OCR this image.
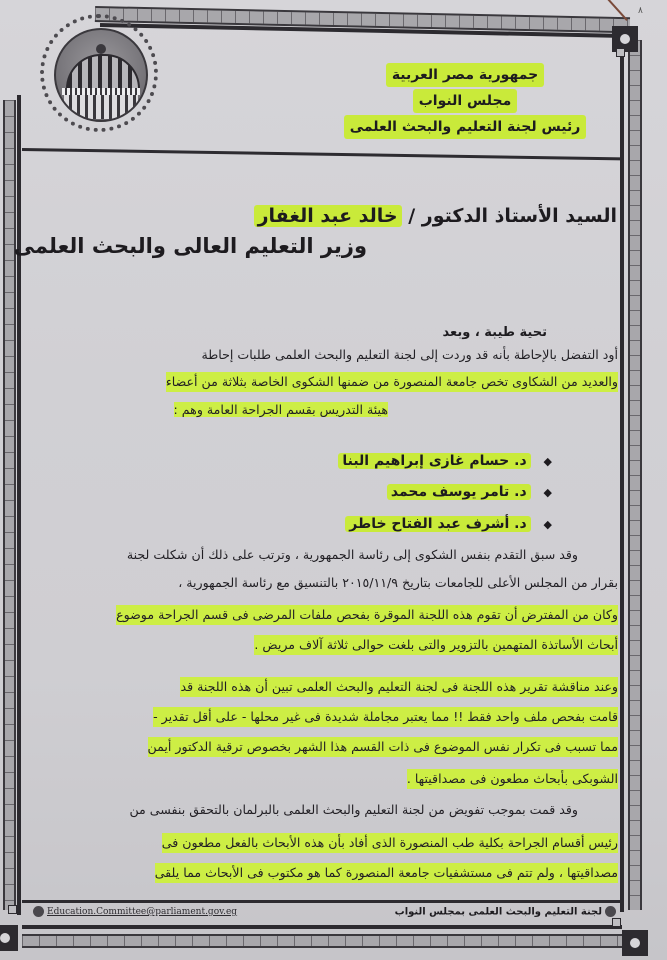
٨
جمهورية مصر العربية
مجلس النواب
رئيس لجنة التعليم والبحث العلمى
السيد الأستاذ الدكتور / خالد عبد الغفار
وزير التعليم العالى والبحث العلمى
تحية طيبة ، وبعد
أود التفضل بالإحاطة بأنه قد وردت إلى لجنة التعليم والبحث العلمى طلبات إحاطة
والعديد من الشكاوى تخص جامعة المنصورة من ضمنها الشكوى الخاصة بثلاثة من أعضاء
هيئة التدريس بقسم الجراحة العامة وهم :
◆ د. حسام غازى إبراهيم البنا
◆ د. تامر يوسف محمد
◆ د. أشرف عبد الفتاح خاطر
وقد سبق التقدم بنفس الشكوى إلى رئاسة الجمهورية ، وترتب على ذلك أن شكلت لجنة
بقرار من المجلس الأعلى للجامعات بتاريخ ٢٠١٥/١١/٩ بالتنسيق مع رئاسة الجمهورية ،
وكان من المفترض أن تقوم هذه اللجنة الموقرة بفحص ملفات المرضى فى قسم الجراحة موضوع
أبحاث الأساتذة المتهمين بالتزوير والتى بلغت حوالى ثلاثة آلاف مريض .
وعند مناقشة تقرير هذه اللجنة فى لجنة التعليم والبحث العلمى تبين أن هذه اللجنة قد
قامت بفحص ملف واحد فقط !! مما يعتبر مجاملة شديدة فى غير محلها - على أقل تقدير -
مما تسبب فى تكرار نفس الموضوع فى ذات القسم هذا الشهر بخصوص ترقية الدكتور أيمن
الشوبكى بأبحاث مطعون فى مصداقيتها .
وقد قمت بموجب تفويض من لجنة التعليم والبحث العلمى بالبرلمان بالتحقق بنفسى من
رئيس أقسام الجراحة بكلية طب المنصورة الذى أفاد بأن هذه الأبحاث بالفعل مطعون فى
مصداقيتها ، ولم تتم فى مستشفيات جامعة المنصورة كما هو مكتوب فى الأبحاث مما يلقى
Education.Committee@parliament.gov.eg	لجنة التعليم والبحث العلمى بمجلس النواب
